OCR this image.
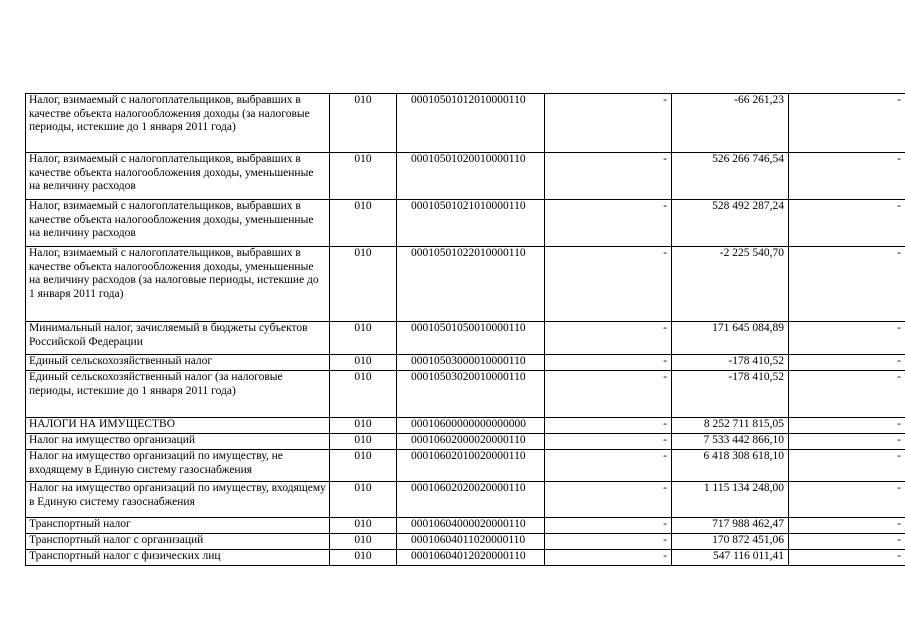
Налог, взимаемый с налогоплательщиков, выбравших в качестве объекта налогообложения доходы (за налоговые периоды, истекшие до 1 января 2011 года)	010	00010501012010000110	-	-66 261,23	-
Налог, взимаемый с налогоплательщиков, выбравших в качестве объекта налогообложения доходы, уменьшенные на величину расходов	010	00010501020010000110	-	526 266 746,54	-
Налог, взимаемый с налогоплательщиков, выбравших в качестве объекта налогообложения доходы, уменьшенные на величину расходов	010	00010501021010000110	-	528 492 287,24	-
Налог, взимаемый с налогоплательщиков, выбравших в качестве объекта налогообложения доходы, уменьшенные на величину расходов (за налоговые периоды, истекшие до 1 января 2011 года)	010	00010501022010000110	-	-2 225 540,70	-
Минимальный налог, зачисляемый в бюджеты субъектов Российской Федерации	010	00010501050010000110	-	171 645 084,89	-
Единый сельскохозяйственный налог	010	00010503000010000110	-	-178 410,52	-
Единый сельскохозяйственный налог (за налоговые периоды, истекшие до 1 января 2011 года)	010	00010503020010000110	-	-178 410,52	-
НАЛОГИ НА ИМУЩЕСТВО	010	00010600000000000000	-	8 252 711 815,05	-
Налог на имущество организаций	010	00010602000020000110	-	7 533 442 866,10	-
Налог на имущество организаций по имуществу, не входящему в Единую систему газоснабжения	010	00010602010020000110	-	6 418 308 618,10	-
Налог на имущество организаций по имуществу, входящему в Единую систему газоснабжения	010	00010602020020000110	-	1 115 134 248,00	-
Транспортный налог	010	00010604000020000110	-	717 988 462,47	-
Транспортный налог с организаций	010	00010604011020000110	-	170 872 451,06	-
Транспортный налог с физических лиц	010	00010604012020000110	-	547 116 011,41	-
